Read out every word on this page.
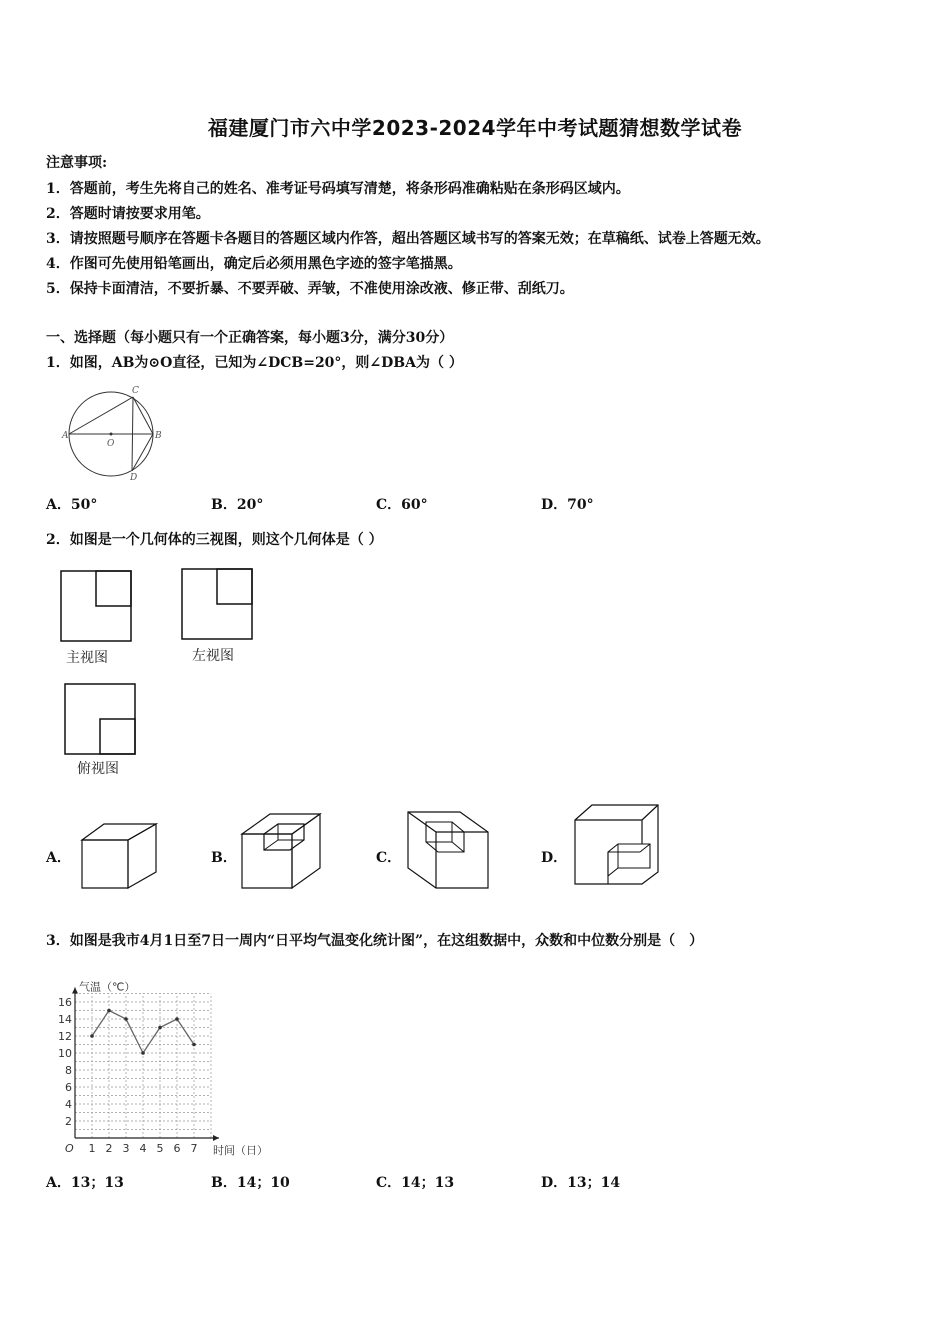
福建厦门市六中学2023-2024学年中考试题猜想数学试卷
注意事项:
1．答题前，考生先将自己的姓名、准考证号码填写清楚，将条形码准确粘贴在条形码区域内。
2．答题时请按要求用笔。
3．请按照题号顺序在答题卡各题目的答题区域内作答，超出答题区域书写的答案无效；在草稿纸、试卷上答题无效。
4．作图可先使用铅笔画出，确定后必须用黑色字迹的签字笔描黑。
5．保持卡面清洁，不要折暴、不要弄破、弄皱，不准使用涂改液、修正带、刮纸刀。
一、选择题（每小题只有一个正确答案，每小题3分，满分30分）
1．如图，AB为⊙O直径，已知为∠DCB=20°，则∠DBA为（ ）
A	B
C
D
O
A．50°	B．20°	C．60°	D．70°
2．如图是一个几何体的三视图，则这个几何体是（ ）
主视图	左视图
俯视图
A．	B．	C．	D．
3．如图是我市4月1日至7日一周内“日平均气温变化统计图”，在这组数据中，众数和中位数分别是（　）
2
4
6
8
10
12
14
16
1 2 3 4 5 6 7
O
气温（℃）
时间（日）
A．13；13	B．14；10	C．14；13	D．13；14
